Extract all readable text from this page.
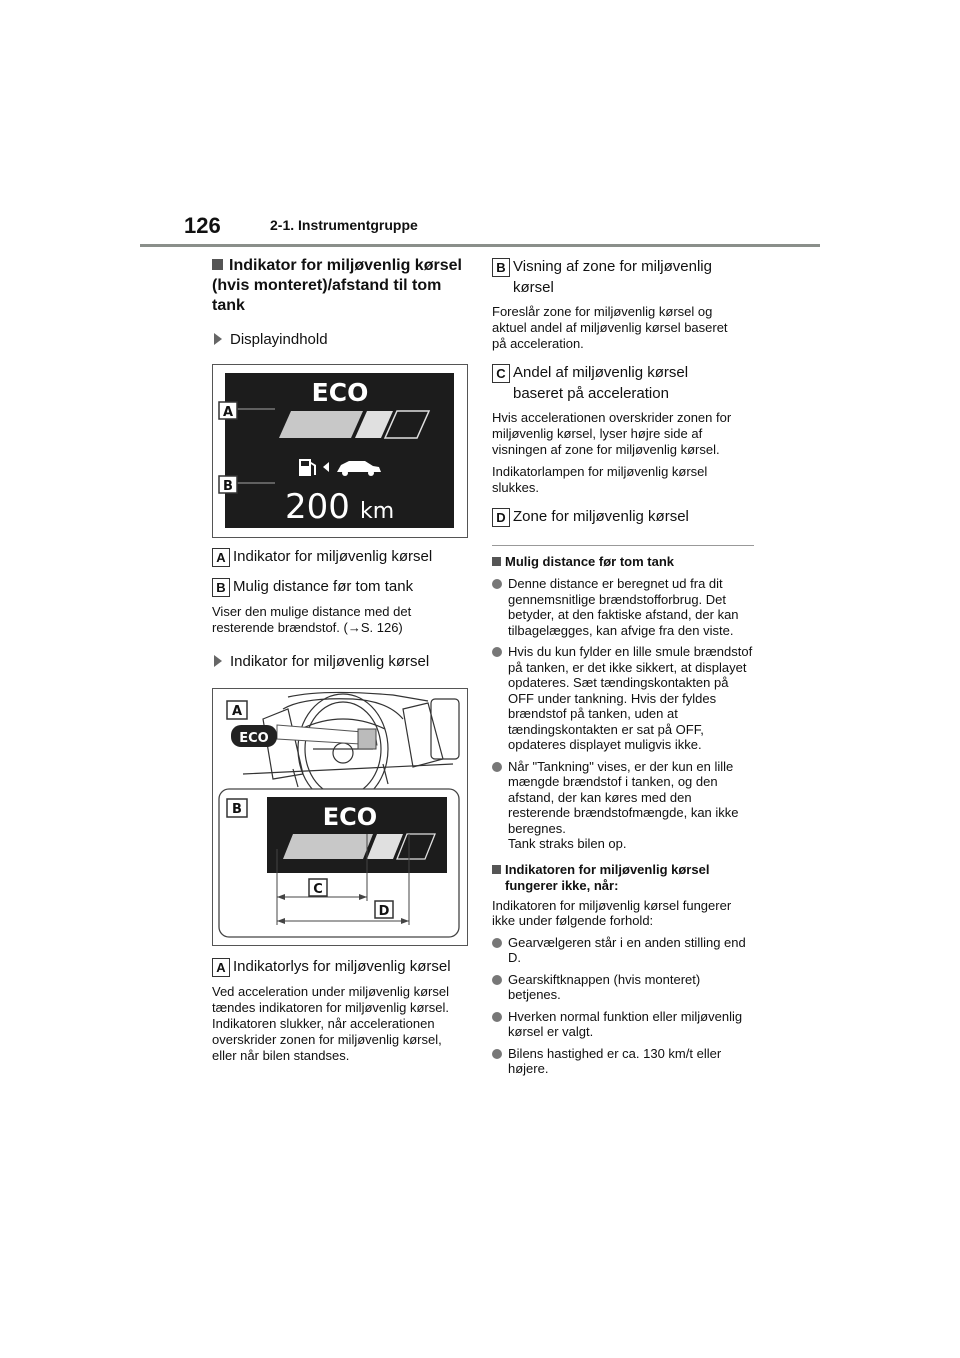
126	2-1. Instrumentgruppe
Indikator for miljøvenlig kørsel (hvis monteret)/afstand til tom tank
Displayindhold
ECO
200 km
A
B
A Indikator for miljøvenlig kørsel
B Mulig distance før tom tank
Viser den mulige distance med det resterende brændstof. (→S. 126)
Indikator for miljøvenlig kørsel
A
ECO
B	ECO
C
D
A Indikatorlys for miljøvenlig kørsel
Ved acceleration under miljøvenlig kørsel tændes indikatoren for miljøvenlig kørsel. Indikatoren slukker, når accelerationen overskrider zonen for miljøvenlig kørsel, eller når bilen standses.
B Visning af zone for miljøvenlig kørsel
Foreslår zone for miljøvenlig kørsel og aktuel andel af miljøvenlig kørsel baseret på acceleration.
C Andel af miljøvenlig kørsel baseret på acceleration
Hvis accelerationen overskrider zonen for miljøvenlig kørsel, lyser højre side af visningen af zone for miljøvenlig kørsel.
Indikatorlampen for miljøvenlig kørsel slukkes.
D Zone for miljøvenlig kørsel
Mulig distance før tom tank
Denne distance er beregnet ud fra dit gennemsnitlige brændstofforbrug. Det betyder, at den faktiske afstand, der kan tilbagelægges, kan afvige fra den viste.
Hvis du kun fylder en lille smule brændstof på tanken, er det ikke sikkert, at displayet opdateres. Sæt tændingskontakten på OFF under tankning. Hvis der fyldes brændstof på tanken, uden at tændingskontakten er sat på OFF, opdateres displayet muligvis ikke.
Når "Tankning" vises, er der kun en lille mængde brændstof i tanken, og den afstand, der kan køres med den resterende brændstofmængde, kan ikke beregnes.
Tank straks bilen op.
Indikatoren for miljøvenlig kørsel fungerer ikke, når:
Indikatoren for miljøvenlig kørsel fungerer ikke under følgende forhold:
Gearvælgeren står i en anden stilling end D.
Gearskiftknappen (hvis monteret) betjenes.
Hverken normal funktion eller miljøvenlig kørsel er valgt.
Bilens hastighed er ca. 130 km/t eller højere.
